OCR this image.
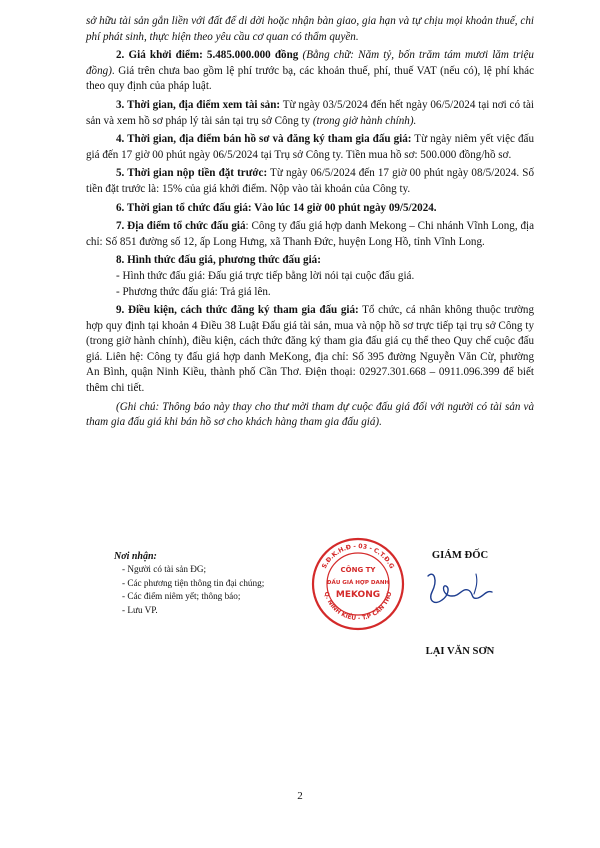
sở hữu tài sản gắn liền với đất để di dời hoặc nhận bàn giao, gia hạn và tự chịu mọi khoản thuế, chi phí phát sinh, thực hiện theo yêu cầu cơ quan có thẩm quyền.

2. Giá khởi điểm: 5.485.000.000 đồng (Bằng chữ: Năm tỷ, bốn trăm tám mươi lăm triệu đồng). Giá trên chưa bao gồm lệ phí trước bạ, các khoản thuế, phí, thuế VAT (nếu có), lệ phí khác theo quy định của pháp luật.

3. Thời gian, địa điểm xem tài sản: Từ ngày 03/5/2024 đến hết ngày 06/5/2024 tại nơi có tài sản và xem hồ sơ pháp lý tài sản tại trụ sở Công ty (trong giờ hành chính).

4. Thời gian, địa điểm bán hồ sơ và đăng ký tham gia đấu giá: Từ ngày niêm yết việc đấu giá đến 17 giờ 00 phút ngày 06/5/2024 tại Trụ sở Công ty. Tiền mua hồ sơ: 500.000 đồng/hồ sơ.

5. Thời gian nộp tiền đặt trước: Từ ngày 06/5/2024 đến 17 giờ 00 phút ngày 08/5/2024. Số tiền đặt trước là: 15% của giá khởi điểm. Nộp vào tài khoản của Công ty.

6. Thời gian tổ chức đấu giá: Vào lúc 14 giờ 00 phút ngày 09/5/2024.

7. Địa điểm tổ chức đấu giá: Công ty đấu giá hợp danh Mekong – Chi nhánh Vĩnh Long, địa chỉ: Số 851 đường số 12, ấp Long Hưng, xã Thanh Đức, huyện Long Hồ, tỉnh Vĩnh Long.

8. Hình thức đấu giá, phương thức đấu giá:

- Hình thức đấu giá: Đấu giá trực tiếp bằng lời nói tại cuộc đấu giá.

- Phương thức đấu giá: Trả giá lên.

9. Điều kiện, cách thức đăng ký tham gia đấu giá: Tổ chức, cá nhân không thuộc trường hợp quy định tại khoản 4 Điều 38 Luật Đấu giá tài sản, mua và nộp hồ sơ trực tiếp tại trụ sở Công ty (trong giờ hành chính), điều kiện, cách thức đăng ký tham gia đấu giá cụ thể theo Quy chế cuộc đấu giá. Liên hệ: Công ty đấu giá hợp danh MeKong, địa chỉ: Số 395 đường Nguyễn Văn Cừ, phường An Bình, quận Ninh Kiều, thành phố Cần Thơ. Điện thoại: 02927.301.668 – 0911.096.399 để biết thêm chi tiết.

(Ghi chú: Thông báo này thay cho thư mời tham dự cuộc đấu giá đối với người có tài sản và tham gia đấu giá khi bán hồ sơ cho khách hàng tham gia đấu giá).

Nơi nhận:
- Người có tài sản ĐG;
- Các phương tiện thông tin đại chúng;
- Các điểm niêm yết; thông báo;
- Lưu VP.
GIÁM ĐỐC
LẠI VĂN SƠN
S.Đ.K.H.Đ - 03 - C.T.Đ.G
Q. NINH KIỀU - T.P CẦN THƠ
CÔNG TY
ĐẤU GIÁ HỢP DANH
MEKONG
2
